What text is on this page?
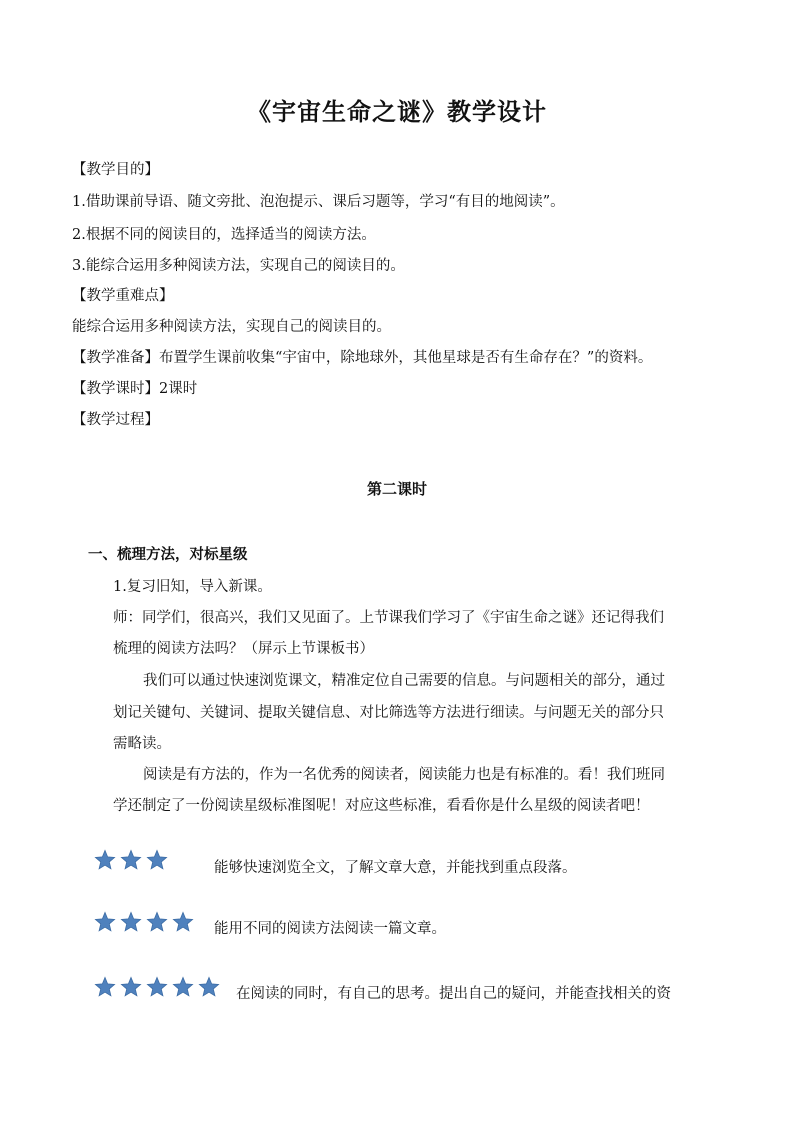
《宇宙生命之谜》教学设计
【教学目的】
1.借助课前导语、随文旁批、泡泡提示、课后习题等，学习“有目的地阅读”。
2.根据不同的阅读目的，选择适当的阅读方法。
3.能综合运用多种阅读方法，实现自己的阅读目的。
【教学重难点】
能综合运用多种阅读方法，实现自己的阅读目的。
【教学准备】布置学生课前收集“宇宙中，除地球外，其他星球是否有生命存在？”的资料。
【教学课时】2课时
【教学过程】
第二课时
一、梳理方法，对标星级
1.复习旧知，导入新课。
师：同学们，很高兴，我们又见面了。上节课我们学习了《宇宙生命之谜》还记得我们
梳理的阅读方法吗？（屏示上节课板书）
我们可以通过快速浏览课文，精准定位自己需要的信息。与问题相关的部分，通过
划记关键句、关键词、提取关键信息、对比筛选等方法进行细读。与问题无关的部分只
需略读。
阅读是有方法的，作为一名优秀的阅读者，阅读能力也是有标准的。看！我们班同
学还制定了一份阅读星级标准图呢！对应这些标准，看看你是什么星级的阅读者吧！
能够快速浏览全文，了解文章大意，并能找到重点段落。
能用不同的阅读方法阅读一篇文章。
在阅读的同时，有自己的思考。提出自己的疑问，并能查找相关的资
